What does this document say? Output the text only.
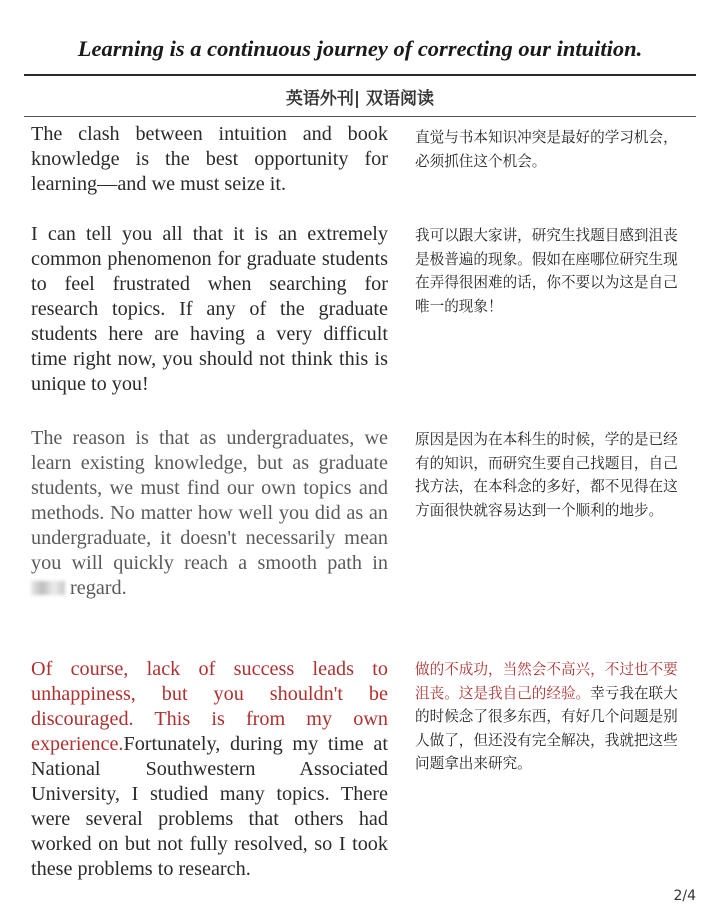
Learning is a continuous journey of correcting our intuition.
英语外刊| 双语阅读

The clash between intuition and book knowledge is the best opportunity for learning—and we must seize it.

直觉与书本知识冲突是最好的学习机会，必须抓住这个机会。

I can tell you all that it is an extremely common phenomenon for graduate students to feel frustrated when searching for research topics. If any of the graduate students here are having a very difficult time right now, you should not think this is unique to you!

我可以跟大家讲，研究生找题目感到沮丧是极普遍的现象。假如在座哪位研究生现在弄得很困难的话，你不要以为这是自己唯一的现象！

The reason is that as undergraduates, we learn existing knowledge, but as graduate students, we must find our own topics and methods. No matter how well you did as an undergraduate, it doesn't necessarily mean you will quickly reach a smooth path in  regard.

原因是因为在本科生的时候，学的是已经有的知识，而研究生要自己找题目，自己找方法，在本科念的多好，都不见得在这方面很快就容易达到一个顺利的地步。

Of course, lack of success leads to unhappiness, but you shouldn't be discouraged. This is from my own experience.Fortunately, during my time at National Southwestern Associated University, I studied many topics. There were several problems that others had worked on but not fully resolved, so I took these problems to research.

做的不成功，当然会不高兴，不过也不要沮丧。这是我自己的经验。幸亏我在联大的时候念了很多东西，有好几个问题是别人做了，但还没有完全解决，我就把这些问题拿出来研究。

2/4
